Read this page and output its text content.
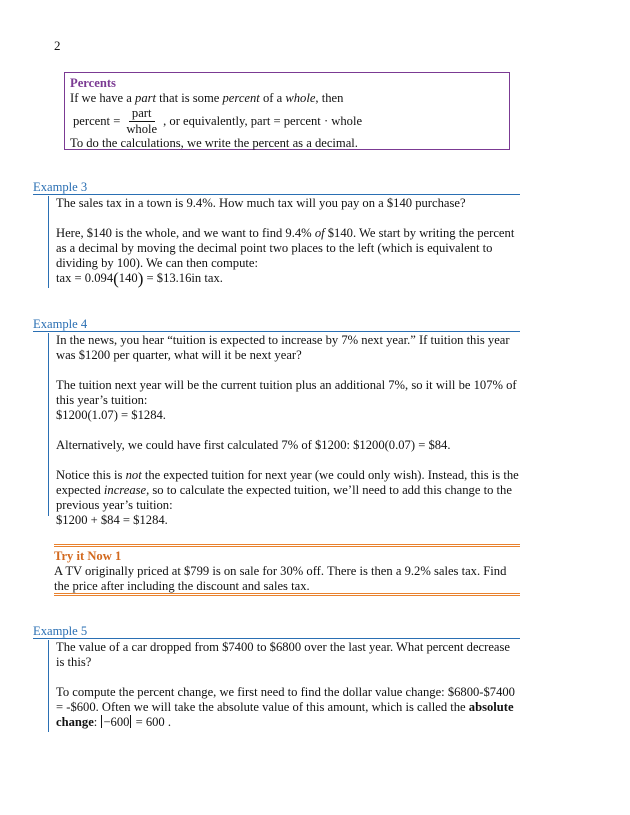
2

Percents

If we have a part that is some percent of a whole, then

percent = $\frac{\text{part}}{\text{whole}}$ , or equivalently, part = percent · whole

To do the calculations, we write the percent as a decimal.

Example 3

The sales tax in a town is 9.4%. How much tax will you pay on a $140 purchase?

Here, $140 is the whole, and we want to find 9.4% of $140. We start by writing the percent as a decimal by moving the decimal point two places to the left (which is equivalent to dividing by 100). We can then compute:

tax = 0.094 ( 140 )
= $13.16 in tax.

Example 4

In the news, you hear “tuition is expected to increase by 7% next year.” If tuition this year was $1200 per quarter, what will it be next year?

The tuition next year will be the current tuition plus an additional 7%, so it will be 107% of this year’s tuition:

$1200(1.07) = $1284.

Alternatively, we could have first calculated 7% of $1200: $1200(0.07) = $84.

Notice this is not the expected tuition for next year (we could only wish). Instead, this is the expected increase, so to calculate the expected tuition, we’ll need to add this change to the previous year’s tuition:

$1200 + $84 = $1284.

Try it Now 1

A TV originally priced at $799 is on sale for 30% off. There is then a 9.2% sales tax. Find the price after including the discount and sales tax.

Example 5

The value of a car dropped from $7400 to $6800 over the last year. What percent decrease is this?

To compute the percent change, we first need to find the dollar value change: $6800-$7400 = -$600. Often we will take the absolute value of this amount, which is called the absolute change: −600 = 600 .
